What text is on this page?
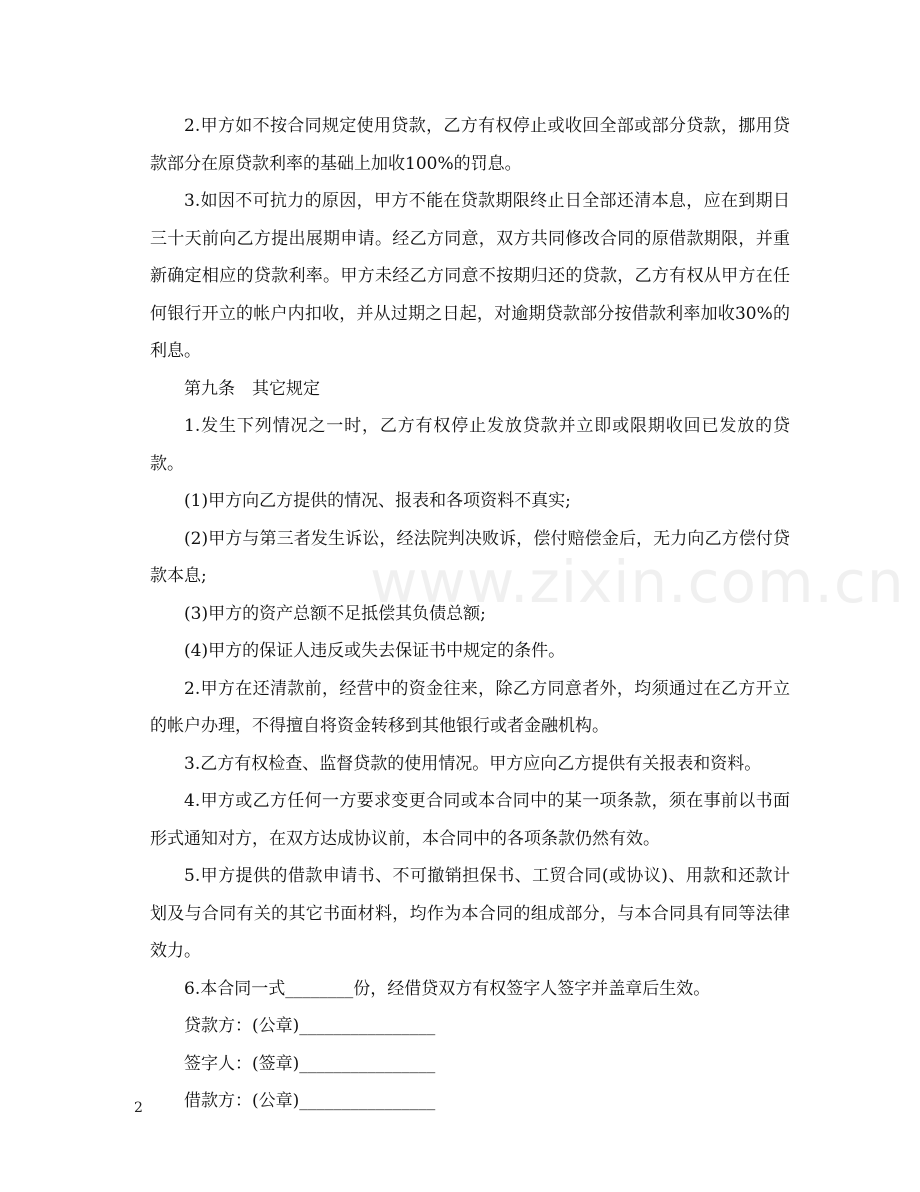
www.zixin.com.cn

2.甲方如不按合同规定使用贷款，乙方有权停止或收回全部或部分贷款，挪用贷款部分在原贷款利率的基础上加收100%的罚息。

3.如因不可抗力的原因，甲方不能在贷款期限终止日全部还清本息，应在到期日三十天前向乙方提出展期申请。经乙方同意，双方共同修改合同的原借款期限，并重新确定相应的贷款利率。甲方未经乙方同意不按期归还的贷款，乙方有权从甲方在任何银行开立的帐户内扣收，并从过期之日起，对逾期贷款部分按借款利率加收30%的利息。

第九条　其它规定

1.发生下列情况之一时，乙方有权停止发放贷款并立即或限期收回已发放的贷款。

(1)甲方向乙方提供的情况、报表和各项资料不真实;

(2)甲方与第三者发生诉讼，经法院判决败诉，偿付赔偿金后，无力向乙方偿付贷款本息;

(3)甲方的资产总额不足抵偿其负债总额;

(4)甲方的保证人违反或失去保证书中规定的条件。

2.甲方在还清款前，经营中的资金往来，除乙方同意者外，均须通过在乙方开立的帐户办理，不得擅自将资金转移到其他银行或者金融机构。

3.乙方有权检查、监督贷款的使用情况。甲方应向乙方提供有关报表和资料。

4.甲方或乙方任何一方要求变更合同或本合同中的某一项条款，须在事前以书面形式通知对方，在双方达成协议前，本合同中的各项条款仍然有效。

5.甲方提供的借款申请书、不可撤销担保书、工贸合同(或协议)、用款和还款计划及与合同有关的其它书面材料，均作为本合同的组成部分，与本合同具有同等法律效力。

6.本合同一式________份，经借贷双方有权签字人签字并盖章后生效。

贷款方：(公章)________________

签字人：(签章)________________

借款方：(公章)________________

2
